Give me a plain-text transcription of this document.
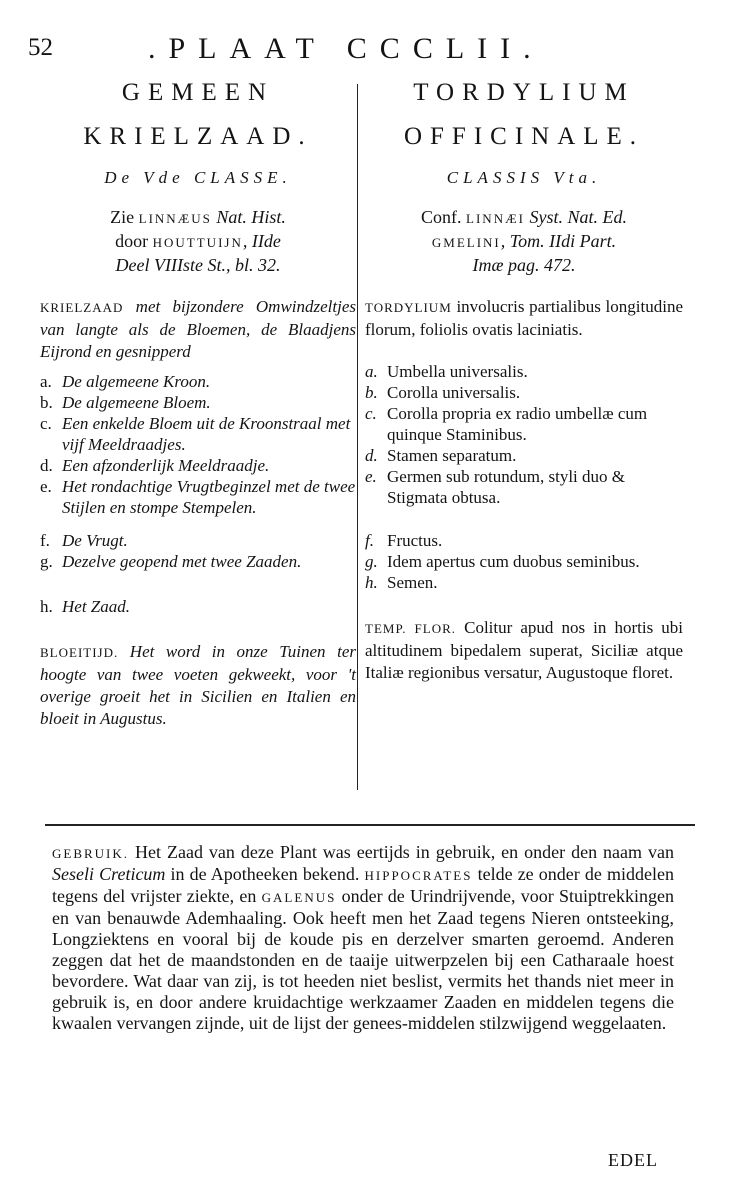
52	.PLAAT CCCLII.
GEMEEN
KRIELZAAD.
De Vde CLASSE.
Zie LINNÆUS Nat. Hist.
door HOUTTUIJN, IIde
Deel VIIIste St., bl. 32.
KRIELZAAD met bijzondere Omwindzeltjes van langte als de Bloemen, de Blaadjens Eijrond en gesnipperd
a. De algemeene Kroon.
b. De algemeene Bloem.
c. Een enkelde Bloem uit de Kroonstraal met vijf Meeldraadjes.
d. Een afzonderlijk Meeldraadje.
e. Het rondachtige Vrugtbeginzel met de twee Stijlen en stompe Stempelen.
f. De Vrugt.
g. Dezelve geopend met twee Zaaden.
h. Het Zaad.
BLOEITIJD. Het word in onze Tuinen ter hoogte van twee voeten gekweekt, voor 't overige groeit het in Sicilien en Italien en bloeit in Augustus.
TORDYLIUM
OFFICINALE.
CLASSIS Vta.
Conf. LINNÆI Syst. Nat. Ed.
GMELINI, Tom. IIdi Part.
Imæ pag. 472.
TORDYLIUM involucris partialibus longitudine florum, foliolis ovatis laciniatis.
a. Umbella universalis.
b. Corolla universalis.
c. Corolla propria ex radio umbellæ cum quinque Staminibus.
d. Stamen separatum.
e. Germen sub rotundum, styli duo & Stigmata obtusa.
f. Fructus.
g. Idem apertus cum duobus seminibus.
h. Semen.
TEMP. FLOR. Colitur apud nos in hortis ubi altitudinem bipedalem superat, Siciliæ atque Italiæ regionibus versatur, Augustoque floret.
GEBRUIK. Het Zaad van deze Plant was eertijds in gebruik, en onder den naam van Seseli Creticum in de Apotheeken bekend. HIPPOCRATES telde ze onder de middelen tegens del vrijster ziekte, en GALENUS onder de Urindrijvende, voor Stuiptrekkingen en van benauwde Ademhaaling. Ook heeft men het Zaad tegens Nieren ontsteeking, Longziektens en vooral bij de koude pis en derzelver smarten geroemd. Anderen zeggen dat het de maandstonden en de taaije uitwerpzelen bij een Catharaale hoest bevordere. Wat daar van zij, is tot heeden niet beslist, vermits het thands niet meer in gebruik is, en door andere kruidachtige werkzaamer Zaaden en middelen tegens die kwaalen vervangen zijnde, uit de lijst der genees-middelen stilzwijgend weggelaaten.
EDEL
